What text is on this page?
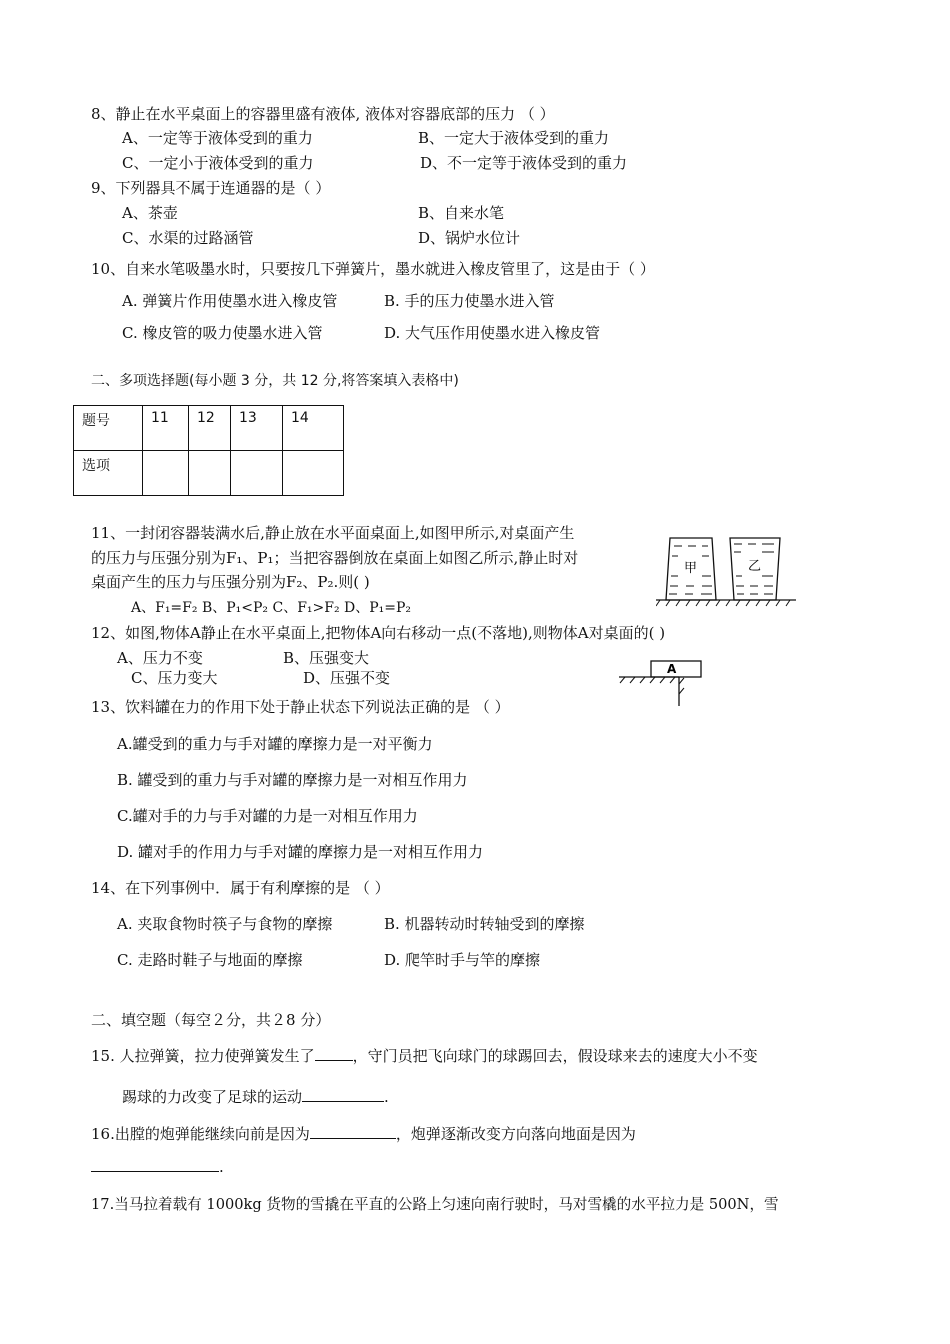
8、静止在水平桌面上的容器里盛有液体, 液体对容器底部的压力 （ ）
A、一定等于液体受到的重力	B、一定大于液体受到的重力
C、一定小于液体受到的重力	D、不一定等于液体受到的重力
9、下列器具不属于连通器的是（ ）
A、茶壶	B、自来水笔
C、水渠的过路涵管	D、锅炉水位计
10、自来水笔吸墨水时，只要按几下弹簧片，墨水就进入橡皮管里了，这是由于（ ）
A. 弹簧片作用使墨水进入橡皮管	B. 手的压力使墨水进入管
C. 橡皮管的吸力使墨水进入管	D. 大气压作用使墨水进入橡皮管
二、多项选择题(每小题 3 分，共 12 分,将答案填入表格中)
题号	11	12	13	14
选项				
11、一封闭容器装满水后,静止放在水平面桌面上,如图甲所示,对桌面产生
的压力与压强分别为F₁、P₁；当把容器倒放在桌面上如图乙所示,静止时对
桌面产生的压力与压强分别为F₂、P₂.则( )
A、F₁=F₂ B、P₁<P₂ C、F₁>F₂ D、P₁=P₂
甲	乙
12、如图,物体A静止在水平桌面上,把物体A向右移动一点(不落地),则物体A对桌面的( )
A、压力不变	B、压强变大
C、压力变大	D、压强不变	A
13、饮料罐在力的作用下处于静止状态下列说法正确的是 （ ）
A.罐受到的重力与手对罐的摩擦力是一对平衡力
B. 罐受到的重力与手对罐的摩擦力是一对相互作用力
C.罐对手的力与手对罐的力是一对相互作用力
D. 罐对手的作用力与手对罐的摩擦力是一对相互作用力
14、在下列事例中．属于有利摩擦的是 （ ）
A. 夹取食物时筷子与食物的摩擦	B. 机器转动时转轴受到的摩擦
C. 走路时鞋子与地面的摩擦	D. 爬竿时手与竿的摩擦
二、填空题（每空２分，共２8 分）
15. 人拉弹簧，拉力使弹簧发生了	，守门员把飞向球门的球踢回去，假设球来去的速度大小不变
踢球的力改变了足球的运动	.
16.出膛的炮弹能继续向前是因为	，炮弹逐渐改变方向落向地面是因为
.
17.当马拉着载有 1000kg 货物的雪撬在平直的公路上匀速向南行驶时，马对雪橇的水平拉力是 500N，雪
